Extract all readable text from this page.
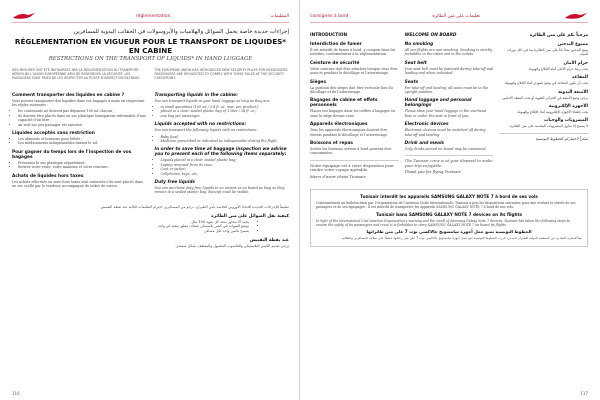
réglementation	التنظيمات
إجراءات جديدة خاصة بحمل السوائل والهلاميات والأيروسولات في الحقائب اليدوية للمسافرين
RÉGLEMENTATION EN VIGUEUR POUR LE TRANSPORT DE LIQUIDES* EN CABINE
RESTRICTIONS ON THE TRANSPORT OF LIQUIDS* IN HAND LUGGAGE
DES MESURES ONT ÉTÉ INSTAURÉES PAR LA RÉGLEMENTATION DU TRANSPORT AÉRIEN DE L’UNION EUROPÉENNE AFIN DE RENFORCER LA SÉCURITÉ. LES PASSAGERS SONT PRIÉS DE LES RESPECTER AU POSTE D’INSPECTION-FILTRAGE.
THE EUROPEAN UNION HAS INTRODUCED NEW SECURITY RULES FOR PASSENGERS. PASSENGERS ARE REQUESTED TO COMPLY WITH THESE RULES AT THE SECURITY CHECKPOINT.
Comment transporter des liquides en cabine ?

Vous pouvez transporter des liquides dans vos bagages à main en respectant les règles suivantes :

• les contenants ne doivent pas dépasser 100 ml chacun ;
• ils doivent être placés dans un sac plastique transparent refermable d’une capacité d’un litre ;
• un seul sac par passager est autorisé.
Liquides acceptés sans restriction
• Les aliments et boissons pour bébés ;
• Les médicaments indispensables durant le vol.
Pour gagner du temps lors de l’inspection de vos bagages
• Présentez le sac plastique séparément ;
• Retirez votre veste, votre manteau et votre ceinture.
Achats de liquides hors taxes

Les achats effectués en zone hors taxes sont autorisés s’ils sont placés dans un sac scellé par le vendeur, accompagné du ticket de caisse.

Transporting liquids in the cabine:

You can transport liquids in your hand luggage as long as they are:

• in small quantities (100 ml / 3.4 fl. oz. max. per product);
• placed in a clear, sealed plastic bag of 1 liter / 34 fl. oz.;
• one bag per passenger.
Liquids accepted with no restrictions:

You can transport the following liquids with no restrictions:

• Baby food;
• Medicine prescribed or indicated as indispensable during the flight.
In order to save time at baggage inspection we advise you to present each of the following items separately:
• Liquids placed in a clear, sealed plastic bag;
• Laptop removed from its case;
• Coat or jacket;
• Cellphones, keys, etc.
Duty free liquids

You can purchase duty free liquids in an airport or on board as long as they remain in a sealed plastic bag. Receipt must be visible.

تطبيقاً للإجراءات الجديدة للاتحاد الأوروبي الخاصة بأمن الطيران، نرجو من المسافرين احترام التعليمات التالية عند نقطة التفتيش.

كيفية نقل السوائل على متن الطائرة
• يجب ألا تتجاوز سعة كل عبوة 100 ملل.
• توضع العبوات في كيس بلاستيكي شفاف مغلق سعته لتر واحد.
• يسمح بكيس واحد لكل مسافر.
عند نقطة التفتيش

يرجى تقديم الكيس البلاستيكي والحاسوب المحمول والمعطف بشكل منفصل.

116
consignes à bord	تعليمات على متن الطائرة
INTRODUCTION
Interdiction de fumer

Il est interdit de fumer à bord, y compris dans les toilettes, conformément à la réglementation.

Ceinture de sécurité

Votre ceinture doit être attachée lorsque vous êtes assis et pendant le décollage et l’atterrissage.

Sièges

La position des sièges doit être verticale lors du décollage et de l’atterrissage.

Bagages de cabine et effets personnels

Placez vos bagages dans les coffres à bagages ou sous le siège devant vous.

Appareils électroniques

Tous les appareils électroniques doivent être éteints pendant le décollage et l’atterrissage.

Boissons et repas

Seules les boissons servies à bord peuvent être consommées.

Notre équipage est à votre disposition pour rendre votre voyage agréable.

Merci d’avoir choisi Tunisair.

WELCOME ON BOARD
No smoking

All our flights are non-smoking. Smoking is strictly forbidden in the cabin and in the toilets.

Seat belt

Your seat belt must be fastened during take-off and landing and when indicated.

Seats

For take-off and landing, all seats must be in the upright position.

Hand luggage and personal belongings

Please stow your hand luggage in the overhead bins or under the seat in front of you.

Electronic devices

Electronic devices must be switched off during take-off and landing.

Drink and meals

Only drinks served on board may be consumed.

The Tunisair crew is at your disposal to make your trip enjoyable.

Thank you for flying Tunisair.

مرحباً بكم على متن الطائرة
ممنوع التدخين

يمنع التدخين منعاً باتاً على متن الطائرة بما في ذلك دورات المياه.

حزام الأمان

يجب ربط حزام الأمان أثناء الإقلاع والهبوط.

المقاعد

يجب أن تكون المقاعد في وضع عمودي أثناء الإقلاع والهبوط.

الأمتعة اليدوية

يرجى وضع الأمتعة في الخزائن العلوية أو تحت المقعد الأمامي.

الأجهزة الإلكترونية

يجب إطفاء الأجهزة الإلكترونية أثناء الإقلاع والهبوط.

المشروبات والوجبات

لا يسمح إلا بتناول المشروبات المقدمة على متن الطائرة.

شكراً لاختياركم الخطوط التونسية

Tunisair interdit les appareils SAMSUNG GALAXY NOTE 7 à bord de ses vols

Conformément au bulletin émis par l’Organisation de l’Aviation Civile Internationale, Tunisair a pris les dispositions suivantes pour une évaluer la sûreté de ses passagers et de ses équipages : il est interdit de transporter les appareils SAMSUNG GALAXY NOTE 7 à bord de nos vols.

Tunisair bans SAMSUNG GALAXY NOTE 7 devices on its flights

In light of the International Civil Aviation Organization’s warning and the recall of Samsung Galaxy Note 7 devices, Tunisair has taken the following steps to ensure the safety of its passengers and crew: it is forbidden to carry SAMSUNG GALAXY NOTE 7 on board its flights.

الخطوط التونسية تمنع حمل أجهزة سامسونج جالاكسي نوت 7 على متن طائراتها

تبعاً للنشرة الصادرة عن المنظمة الدولية للطيران المدني، قررت الخطوط التونسية منع حمل أجهزة سامسونج جالاكسي نوت 7 على متن رحلاتها حفاظاً على سلامة المسافرين والطاقم.

117
